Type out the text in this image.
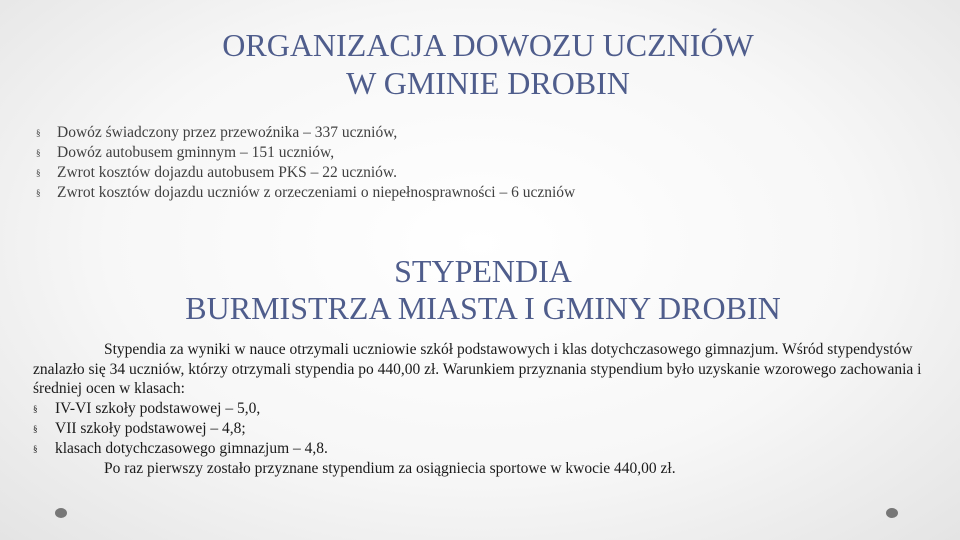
ORGANIZACJA DOWOZU UCZNIÓW
W GMINIE DROBIN
§	Dowóz świadczony przez przewoźnika – 337 uczniów,
§	Dowóz autobusem gminnym – 151 uczniów,
§	Zwrot kosztów dojazdu autobusem PKS – 22 uczniów.
§	Zwrot kosztów dojazdu uczniów z orzeczeniami o niepełnosprawności – 6 uczniów
STYPENDIA
BURMISTRZA MIASTA I GMINY DROBIN

Stypendia za wyniki w nauce otrzymali uczniowie szkół podstawowych i klas dotychczasowego gimnazjum. Wśród stypendystów znalazło się 34 uczniów, którzy otrzymali stypendia po 440,00 zł. Warunkiem przyznania stypendium było uzyskanie wzorowego zachowania i średniej ocen w klasach:

§	IV-VI szkoły podstawowej – 5,0,
§	VII szkoły podstawowej – 4,8;
§	klasach dotychczasowego gimnazjum – 4,8.

Po raz pierwszy zostało przyznane stypendium za osiągniecia sportowe w kwocie 440,00 zł.
